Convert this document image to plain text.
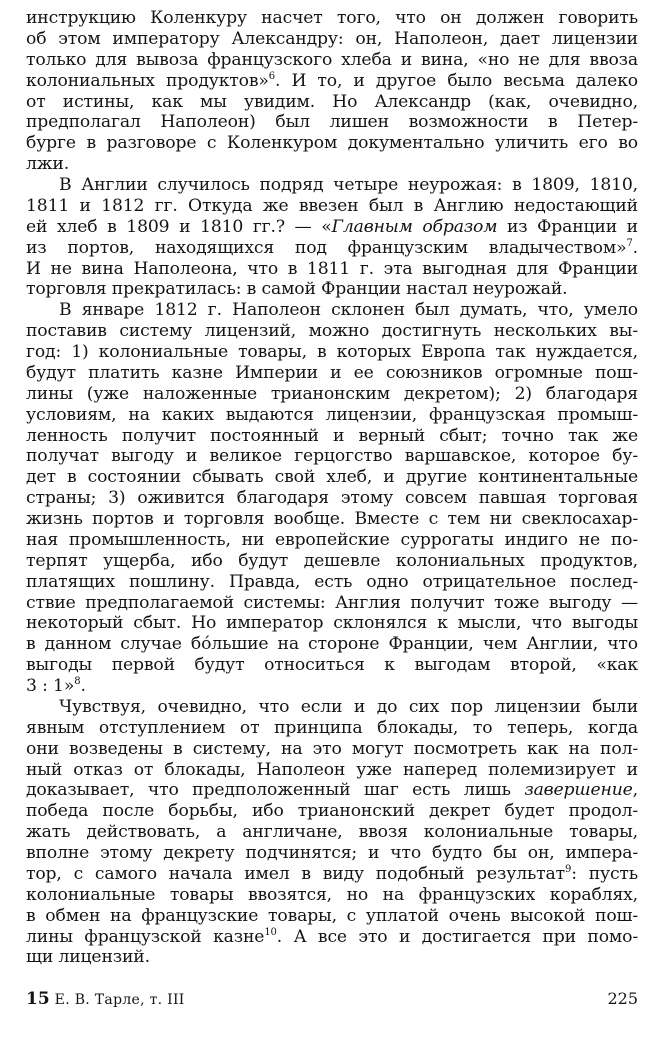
инструкцию Коленкуру насчет того, что он должен говорить
об этом императору Александру: он, Наполеон, дает лицензии
только для вывоза французского хлеба и вина, «но не для ввоза
колониальных продуктов»$^6$. И то, и другое было весьма далеко
от истины, как мы увидим. Но Александр (как, очевидно,
предполагал Наполеон) был лишен возможности в Петер-
бурге в разговоре с Коленкуром документально уличить его во
лжи.
В Англии случилось подряд четыре неурожая: в 1809, 1810,
1811 и 1812 гг. Откуда же ввезен был в Англию недостающий
ей хлеб в 1809 и 1810 гг.? — «Главным образом из Франции и
из портов, находящихся под французским владычеством»$^7$.
И не вина Наполеона, что в 1811 г. эта выгодная для Франции
торговля прекратилась: в самой Франции настал неурожай.
В январе 1812 г. Наполеон склонен был думать, что, умело
поставив систему лицензий, можно достигнуть нескольких вы-
год: 1) колониальные товары, в которых Европа так нуждается,
будут платить казне Империи и ее союзников огромные пош-
лины (уже наложенные трианонским декретом); 2) благодаря
условиям, на каких выдаются лицензии, французская промыш-
ленность получит постоянный и верный сбыт; точно так же
получат выгоду и великое герцогство варшавское, которое бу-
дет в состоянии сбывать свой хлеб, и другие континентальные
страны; 3) оживится благодаря этому совсем павшая торговая
жизнь портов и торговля вообще. Вместе с тем ни свеклосахар-
ная промышленность, ни европейские суррогаты индиго не по-
терпят ущерба, ибо будут дешевле колониальных продуктов,
платящих пошлину. Правда, есть одно отрицательное послед-
ствие предполагаемой системы: Англия получит тоже выгоду —
некоторый сбыт. Но император склонялся к мысли, что выгоды
в данном случае бо́льшие на стороне Франции, чем Англии, что
выгоды первой будут относиться к выгодам второй, «как
3 : 1»$^8$.
Чувствуя, очевидно, что если и до сих пор лицензии были
явным отступлением от принципа блокады, то теперь, когда
они возведены в систему, на это могут посмотреть как на пол-
ный отказ от блокады, Наполеон уже наперед полемизирует и
доказывает, что предположенный шаг есть лишь завершение,
победа после борьбы, ибо трианонский декрет будет продол-
жать действовать, а англичане, ввозя колониальные товары,
вполне этому декрету подчинятся; и что будто бы он, импера-
тор, с самого начала имел в виду подобный результат$^9$: пусть
колониальные товары ввозятся, но на французских кораблях,
в обмен на французские товары, с уплатой очень высокой пош-
лины французской казне$^{10}$. А все это и достигается при помо-
щи лицензий.
15 Е. В. Тарле, т. III	225
